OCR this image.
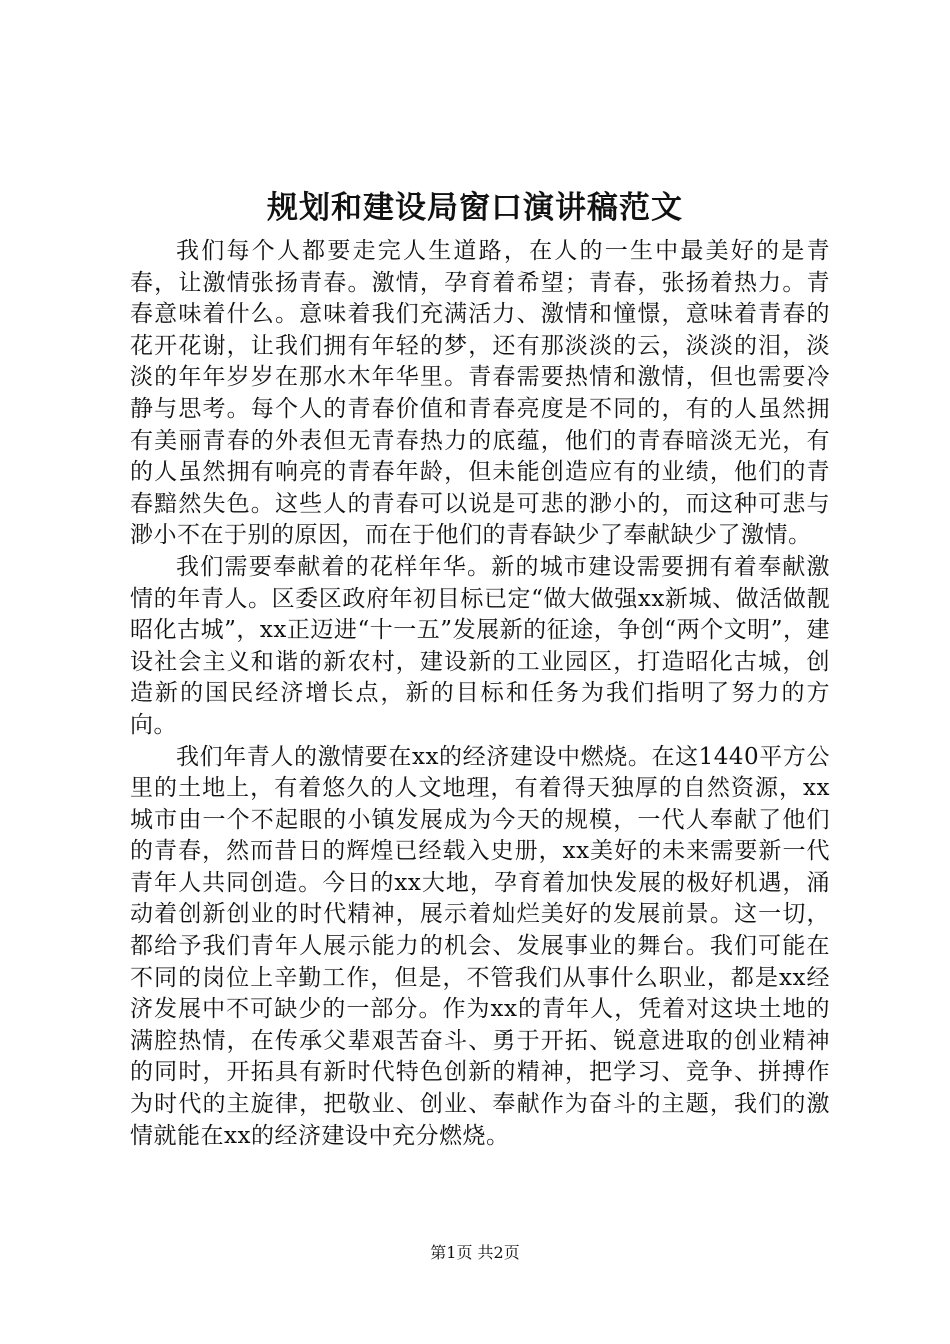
规划和建设局窗口演讲稿范文

我们每个人都要走完人生道路，在人的一生中最美好的是青春，让激情张扬青春。激情，孕育着希望；青春，张扬着热力。青春意味着什么。意味着我们充满活力、激情和憧憬，意味着青春的花开花谢，让我们拥有年轻的梦，还有那淡淡的云，淡淡的泪，淡淡的年年岁岁在那水木年华里。青春需要热情和激情，但也需要冷静与思考。每个人的青春价值和青春亮度是不同的，有的人虽然拥有美丽青春的外表但无青春热力的底蕴，他们的青春暗淡无光，有的人虽然拥有响亮的青春年龄，但未能创造应有的业绩，他们的青春黯然失色。这些人的青春可以说是可悲的渺小的，而这种可悲与渺小不在于别的原因，而在于他们的青春缺少了奉献缺少了激情。

我们需要奉献着的花样年华。新的城市建设需要拥有着奉献激情的年青人。区委区政府年初目标已定“做大做强xx新城、做活做靓昭化古城”，xx正迈进“十一五”发展新的征途，争创“两个文明”，建设社会主义和谐的新农村，建设新的工业园区，打造昭化古城，创造新的国民经济增长点，新的目标和任务为我们指明了努力的方向。

我们年青人的激情要在xx的经济建设中燃烧。在这1440平方公里的土地上，有着悠久的人文地理，有着得天独厚的自然资源，xx城市由一个不起眼的小镇发展成为今天的规模，一代人奉献了他们的青春，然而昔日的辉煌已经载入史册，xx美好的未来需要新一代青年人共同创造。今日的xx大地，孕育着加快发展的极好机遇，涌动着创新创业的时代精神，展示着灿烂美好的发展前景。这一切，都给予我们青年人展示能力的机会、发展事业的舞台。我们可能在不同的岗位上辛勤工作，但是，不管我们从事什么职业，都是xx经济发展中不可缺少的一部分。作为xx的青年人，凭着对这块土地的满腔热情，在传承父辈艰苦奋斗、勇于开拓、锐意进取的创业精神的同时，开拓具有新时代特色创新的精神，把学习、竞争、拼搏作为时代的主旋律，把敬业、创业、奉献作为奋斗的主题，我们的激情就能在xx的经济建设中充分燃烧。

第1页 共2页
